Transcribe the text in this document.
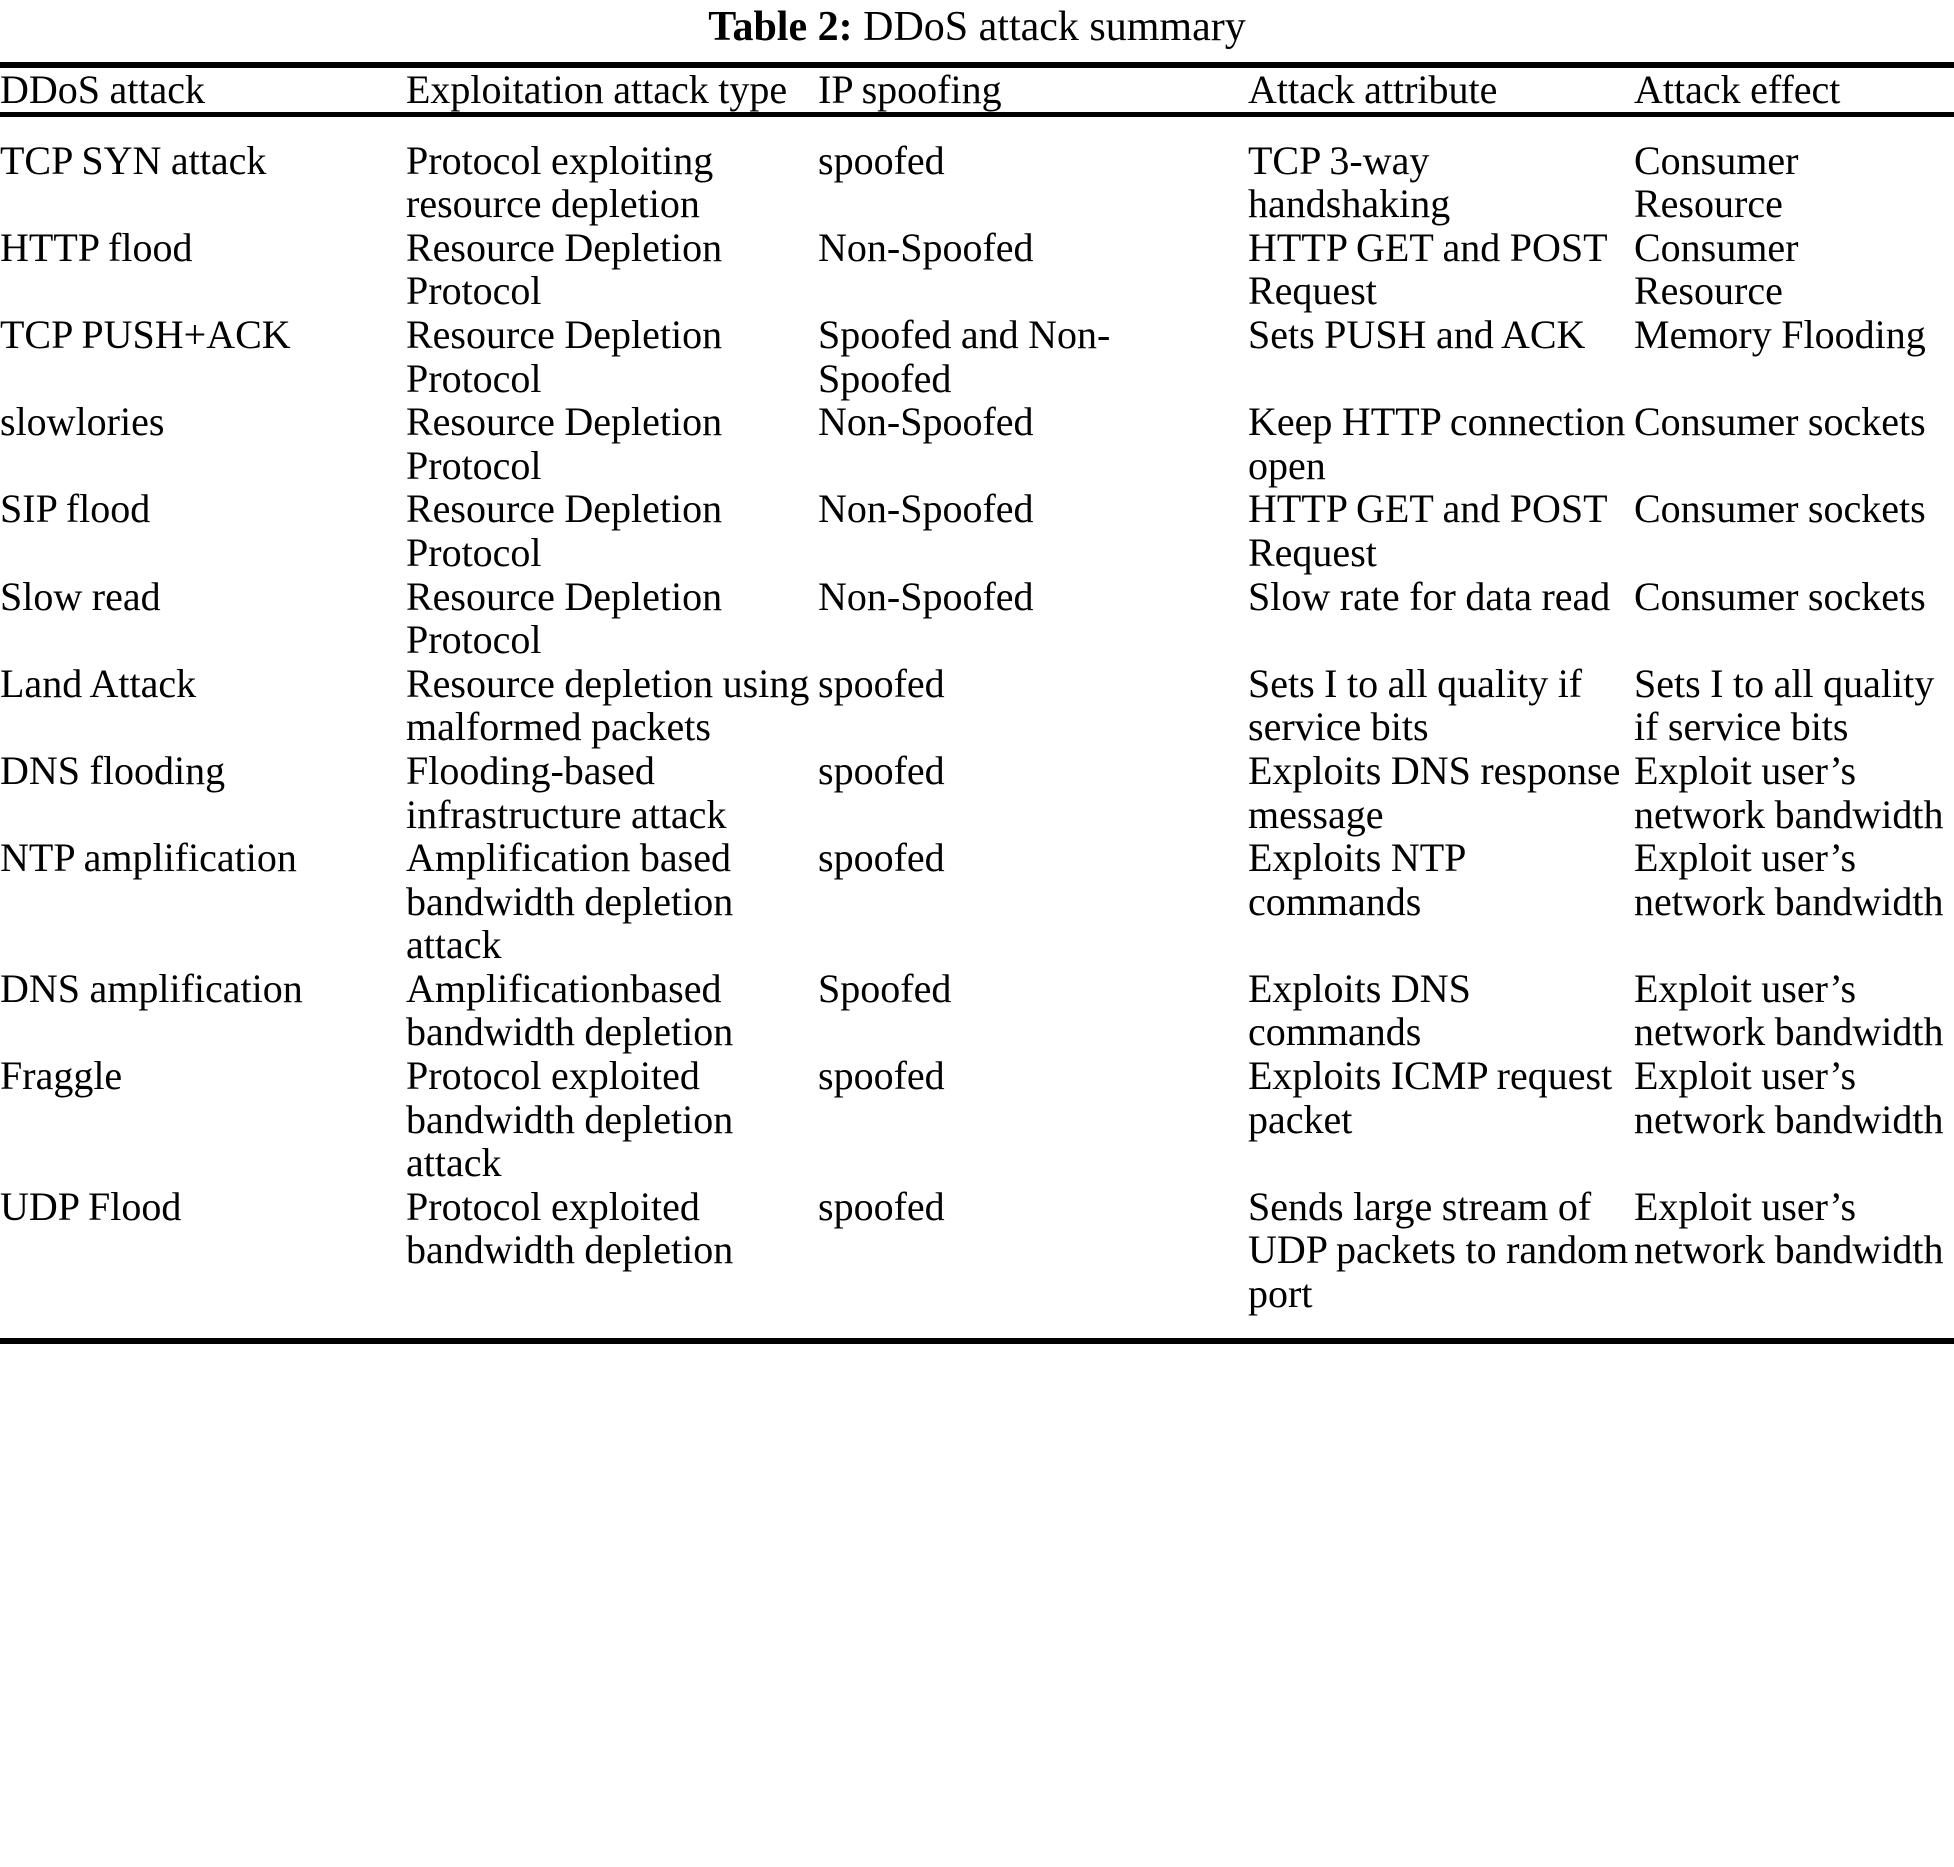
Table 2: DDoS attack summary
DDoS attack	Exploitation attack type	IP spoofing	Attack attribute	Attack effect

TCP SYN attack	Protocol exploiting resource depletion	spoofed	TCP 3-way handshaking	Consumer Resource
HTTP flood	Resource Depletion Protocol	Non-Spoofed	HTTP GET and POST Request	Consumer Resource
TCP PUSH+ACK	Resource Depletion Protocol	Spoofed and Non-Spoofed	Sets PUSH and ACK	Memory Flooding
slowlories	Resource Depletion Protocol	Non-Spoofed	Keep HTTP connection open	Consumer sockets
SIP flood	Resource Depletion Protocol	Non-Spoofed	HTTP GET and POST Request	Consumer sockets
Slow read	Resource Depletion Protocol	Non-Spoofed	Slow rate for data read	Consumer sockets
Land Attack	Resource depletion using malformed packets	spoofed	Sets I to all quality if service bits	Sets I to all quality if service bits
DNS flooding	Flooding-based infrastructure attack	spoofed	Exploits DNS response message	Exploit user’s network bandwidth
NTP amplification	Amplification based bandwidth depletion attack	spoofed	Exploits NTP commands	Exploit user’s network bandwidth
DNS amplification	Amplificationbased bandwidth depletion	Spoofed	Exploits DNS commands	Exploit user’s network bandwidth
Fraggle	Protocol exploited bandwidth depletion attack	spoofed	Exploits ICMP request packet	Exploit user’s network bandwidth
UDP Flood	Protocol exploited bandwidth depletion	spoofed	Sends large stream of UDP packets to random port	Exploit user’s network bandwidth
